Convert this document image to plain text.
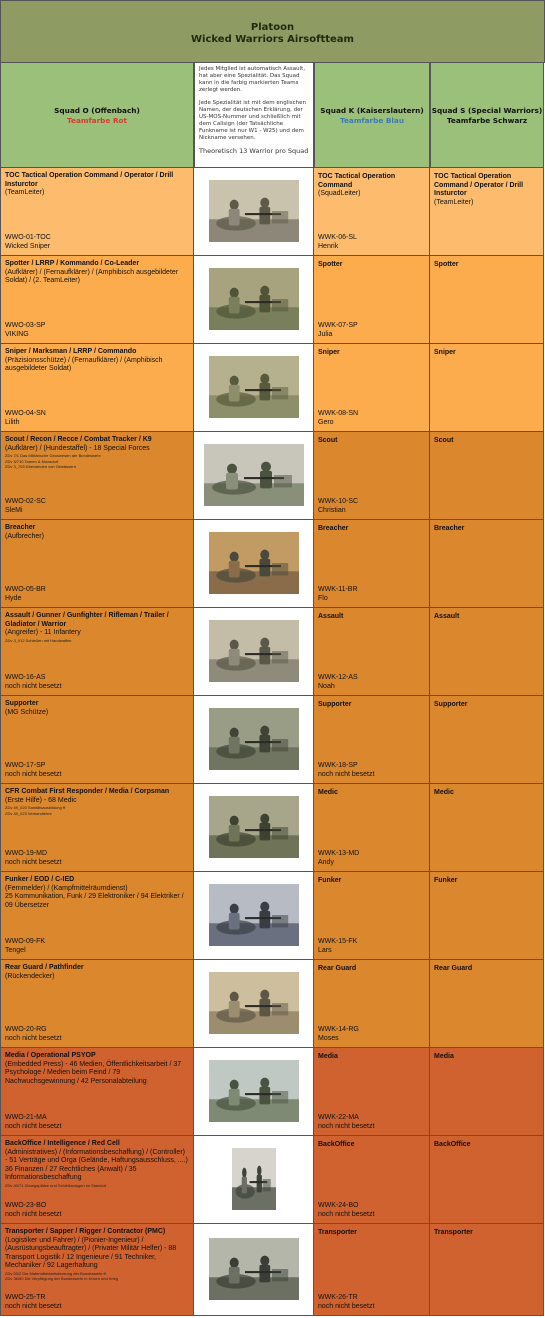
Platoon
Wicked Warriors Airsoftteam
Squad O (Offenbach)
Teamfarbe Rot

Jedes Mitglied ist automatisch Assault, hat aber eine Spezialität. Das Squad kann in die farbig markierten Teams zerlegt werden.

Jede Spezialität ist mit dem englischen Namen, der deutschen Erklärung, der US-MOS-Nummer und schließlich mit dem Callsign (der Tatsächliche Funkname ist nur W1 - W25) und dem Nickname versehen.

Theoretisch 13 Warrior pro Squad
Squad K (Kaiserslautern)
Teamfarbe Blau
Squad S (Special Warriors)
Teamfarbe Schwarz
TOC Tactical Operation Command / Operator / Drill Insturctor
(TeamLeiter)
WWO-01-TOC
Wicked Sniper
TOC Tactical Operation Command
(SquadLeiter)
WWK-06-SL
Henrik
TOC Tactical Operation Command / Operator / Drill Insturctor
(TeamLeiter)
Spotter / LRRP / Kommando / Co-Leader
(Aufklärer) / (Fernaufklärer) / (Amphibisch ausgebildeter Soldat) / (2. TeamLeiter)
WWO-03-SP
VIKING
Spotter
WWK-07-SP
Julia
Spotter
Sniper / Marksman / LRRP / Commando
(Präzisionsschütze) / (Fernaufklärer) / (Amphibisch ausgebildeter Soldat)
WWO-04-SN
Lilith
Sniper
WWK-08-SN
Gero
Sniper
Scout / Recon / Recce / Combat Tracker / K9
(Aufklärer) / (Hundestaffel) - 18 Special Forces
ZDv 7/1 Das Militärische Geoswesen der Bundeswehr
ZDv 3/710 Tarnen & Moosdorf
ZDv 3_703 Überwinden von Gewässern
WWO-02-SC
SleMi
Scout
WWK-10-SC
Christian
Scout
Breacher
(Aufbrecher)
WWO-05-BR
Hyde
Breacher
WWK-11-BR
Flo
Breacher
Assault / Gunner / Gunfighter / Rifleman / Trailer / Gladiator / Warrior
(Angreifer) - 11 Infantery
ZDv 3_012 Schießen mit Handwaffen
WWO-16-AS
noch nicht besetzt
Assault
WWK-12-AS
Noah
Assault
Supporter
(MG Schütze)
WWO-17-SP
noch nicht besetzt
Supporter
WWK-18-SP
noch nicht besetzt
Supporter
CFR Combat First Responder / Media / Corpsman
(Erste Hilfe) - 68 Medic
ZDv 49_020 Sanitätsausbildung ff
ZDv 49_023 Verbandlehre
WWO-19-MD
noch nicht besetzt
Medic
WWK-13-MD
Andy
Medic
Funker / EOD / C-IED
(Fernmelder) / (Kampfmittelräumdienst)
25 Kommunikation, Funk / 29 Elektroniker / 94 Elektriker / 09 Übersetzer
WWO-09-FK
Tengel
Funker
WWK-15-FK
Lars
Funker
Rear Guard / Pathfinder
(Rückendecker)
WWO-20-RG
noch nicht besetzt
Rear Guard
WWK-14-RG
Moses
Rear Guard
Media / Operational PSYOP
(Embedded Press) - 46 Medien, Öffentlichkeitsarbeit / 37 Psychologe / Medien beim Feind / 79 Nachwuchsgewinnung / 42 Personalabteilung
WWO-21-MA
noch nicht besetzt
Media
WWK-22-MA
noch nicht besetzt
Media
BackOffice / Intelligence / Red Cell
(Administratives) / (Informationsbeschaffung) / (Controller) - 51 Verträge und Orga (Gelände, Haftungsausschluss, ....)
36 Finanzen / 27 Rechtliches (Anwalt) / 35 Informationsbeschaffung
ZDv 40/71 Übungsplätze und Schießanlagen im Standort
WWO-23-BO
noch nicht besetzt
BackOffice
WWK-24-BO
noch nicht besetzt
BackOffice
Transporter / Sapper / Rigger / Contractor (PMC)
(Logistiker und Fahrer) / (Pionier-Ingenieur) / (Ausrüstungsbeauftragter) / (Privater Militär Helfer) - 88 Transport Logistik / 12 Ingenieure / 91 Techniker, Mechaniker / 92 Lagerhaltung
ZDv 03/2 Die Materialbedarfsdeckung der Bundeswehr ff.
ZDv 36/50 Die Verpflegung der Bundeswehr in Krisen und Krieg
WWO-25-TR
noch nicht besetzt
Transporter
WWK-26-TR
noch nicht besetzt
Transporter
